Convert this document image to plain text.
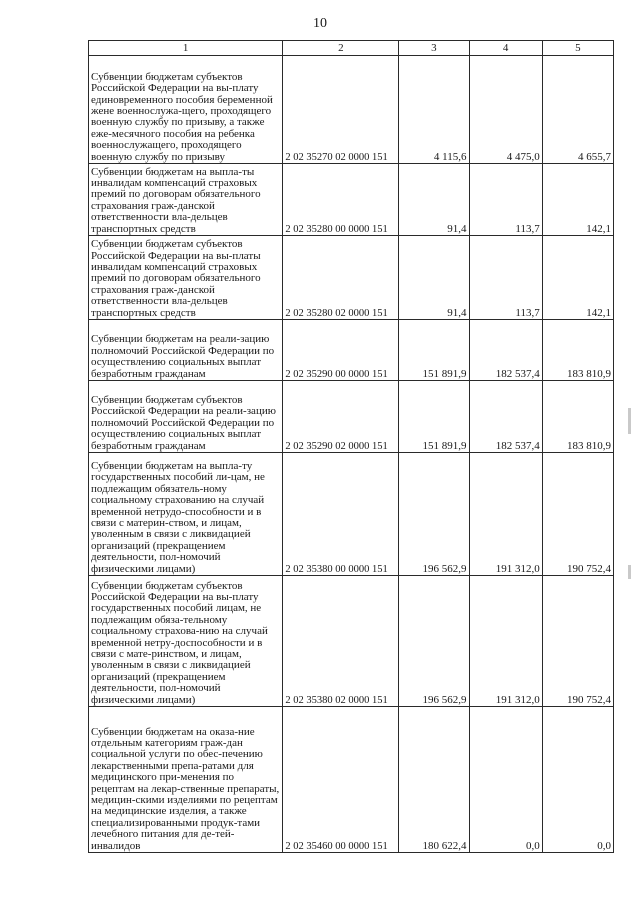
10
1	2	3	4	5
Субвенции бюджетам субъектов Российской Федерации на вы-плату единовременного пособия беременной жене военнослужа-щего, проходящего военную службу по призыву, а также еже-месячного пособия на ребенка военнослужащего, проходящего военную службу по призыву	2 02 35270 02 0000 151	4 115,6	4 475,0	4 655,7
Субвенции бюджетам на выпла-ты инвалидам компенсаций страховых премий по договорам обязательного страхования граж-данской ответственности вла-дельцев транспортных средств	2 02 35280 00 0000 151	91,4	113,7	142,1
Субвенции бюджетам субъектов Российской Федерации на вы-платы инвалидам компенсаций страховых премий по договорам обязательного страхования граж-данской ответственности вла-дельцев транспортных средств	2 02 35280 02 0000 151	91,4	113,7	142,1
Субвенции бюджетам на реали-зацию полномочий Российской Федерации по осуществлению социальных выплат безработным гражданам	2 02 35290 00 0000 151	151 891,9	182 537,4	183 810,9
Субвенции бюджетам субъектов Российской Федерации на реали-зацию полномочий Российской Федерации по осуществлению социальных выплат безработным гражданам	2 02 35290 02 0000 151	151 891,9	182 537,4	183 810,9
Субвенции бюджетам на выпла-ту государственных пособий ли-цам, не подлежащим обязатель-ному социальному страхованию на случай временной нетрудо-способности и в связи с материн-ством, и лицам, уволенным в связи с ликвидацией организаций (прекращением деятельности, пол-номочий физическими лицами)	2 02 35380 00 0000 151	196 562,9	191 312,0	190 752,4
Субвенции бюджетам субъектов Российской Федерации на вы-плату государственных пособий лицам, не подлежащим обяза-тельному социальному страхова-нию на случай временной нетру-доспособности и в связи с мате-ринством, и лицам, уволенным в связи с ликвидацией организаций (прекращением деятельности, пол-номочий физическими лицами)	2 02 35380 02 0000 151	196 562,9	191 312,0	190 752,4
Субвенции бюджетам на оказа-ние отдельным категориям граж-дан социальной услуги по обес-печению лекарственными препа-ратами для медицинского при-менения по рецептам на лекар-ственные препараты, медицин-скими изделиями по рецептам на медицинские изделия, а также специализированными продук-тами лечебного питания для де-тей-инвалидов	2 02 35460 00 0000 151	180 622,4	0,0	0,0
